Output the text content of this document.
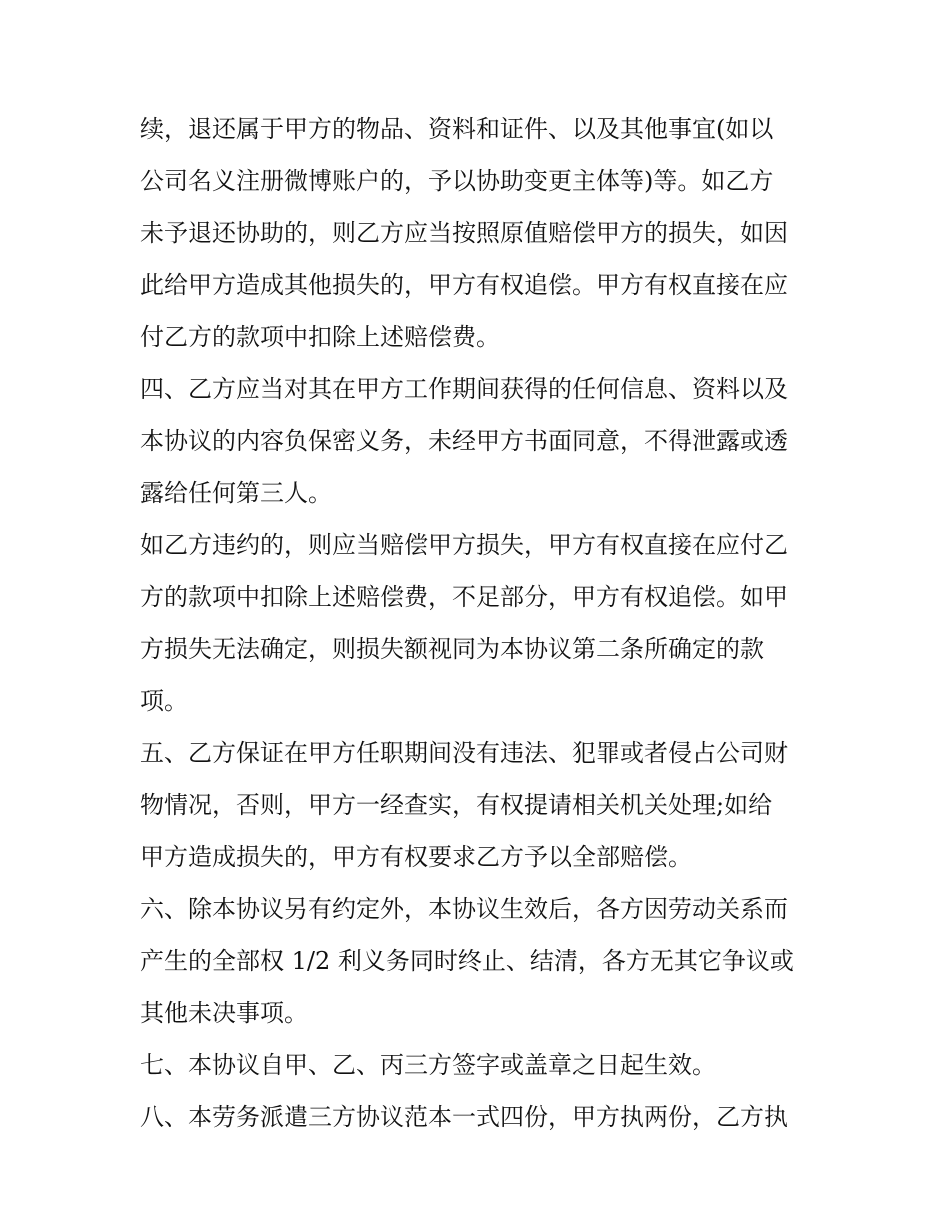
续，退还属于甲方的物品、资料和证件、以及其他事宜(如以

公司名义注册微博账户的，予以协助变更主体等)等。如乙方

未予退还协助的，则乙方应当按照原值赔偿甲方的损失，如因

此给甲方造成其他损失的，甲方有权追偿。甲方有权直接在应

付乙方的款项中扣除上述赔偿费。

四、乙方应当对其在甲方工作期间获得的任何信息、资料以及

本协议的内容负保密义务，未经甲方书面同意，不得泄露或透

露给任何第三人。

如乙方违约的，则应当赔偿甲方损失，甲方有权直接在应付乙

方的款项中扣除上述赔偿费，不足部分，甲方有权追偿。如甲

方损失无法确定，则损失额视同为本协议第二条所确定的款

项。

五、乙方保证在甲方任职期间没有违法、犯罪或者侵占公司财

物情况，否则，甲方一经查实，有权提请相关机关处理;如给

甲方造成损失的，甲方有权要求乙方予以全部赔偿。

六、除本协议另有约定外，本协议生效后，各方因劳动关系而

产生的全部权 1/2 利义务同时终止、结清，各方无其它争议或

其他未决事项。

七、本协议自甲、乙、丙三方签字或盖章之日起生效。

八、本劳务派遣三方协议范本一式四份，甲方执两份，乙方执
